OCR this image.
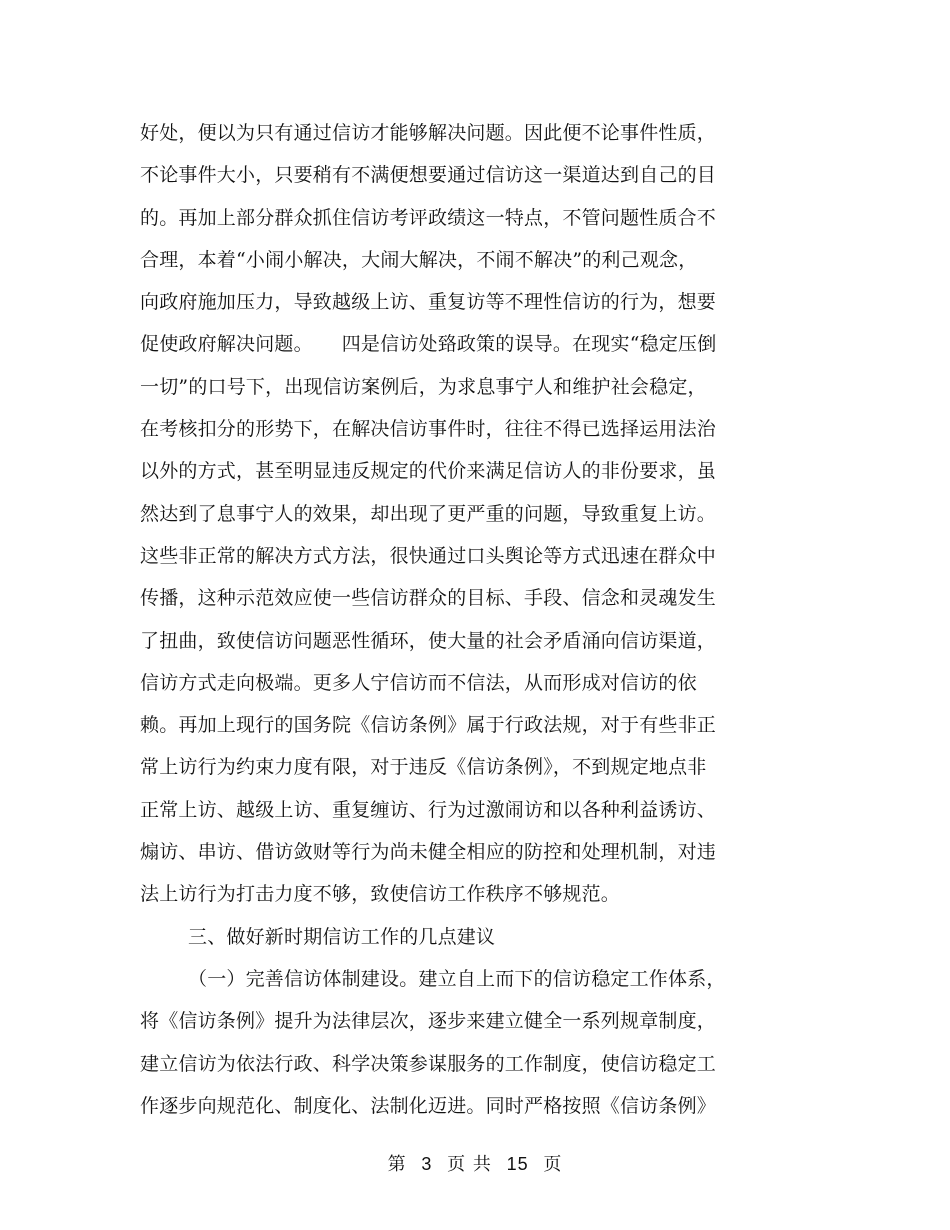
好处，便以为只有通过信访才能够解决问题。因此便不论事件性质，
不论事件大小，只要稍有不满便想要通过信访这一渠道达到自己的目
的。再加上部分群众抓住信访考评政绩这一特点，不管问题性质合不
合理，本着“小闹小解决，大闹大解决，不闹不解决”的利己观念，
向政府施加压力，导致越级上访、重复访等不理性信访的行为，想要
促使政府解决问题。　　四是信访处臵政策的误导。在现实“稳定压倒
一切”的口号下，出现信访案例后，为求息事宁人和维护社会稳定，
在考核扣分的形势下，在解决信访事件时，往往不得已选择运用法治
以外的方式，甚至明显违反规定的代价来满足信访人的非份要求，虽
然达到了息事宁人的效果，却出现了更严重的问题，导致重复上访。
这些非正常的解决方式方法，很快通过口头舆论等方式迅速在群众中
传播，这种示范效应使一些信访群众的目标、手段、信念和灵魂发生
了扭曲，致使信访问题恶性循环，使大量的社会矛盾涌向信访渠道，
信访方式走向极端。更多人宁信访而不信法，从而形成对信访的依
赖。再加上现行的国务院《信访条例》属于行政法规，对于有些非正
常上访行为约束力度有限，对于违反《信访条例》，不到规定地点非
正常上访、越级上访、重复缠访、行为过激闹访和以各种利益诱访、
煽访、串访、借访敛财等行为尚未健全相应的防控和处理机制，对违
法上访行为打击力度不够，致使信访工作秩序不够规范。
三、做好新时期信访工作的几点建议
（一）完善信访体制建设。建立自上而下的信访稳定工作体系，
将《信访条例》提升为法律层次，逐步来建立健全一系列规章制度，
建立信访为依法行政、科学决策参谋服务的工作制度，使信访稳定工
作逐步向规范化、制度化、法制化迈进。同时严格按照《信访条例》
第 3 页 共 15 页
